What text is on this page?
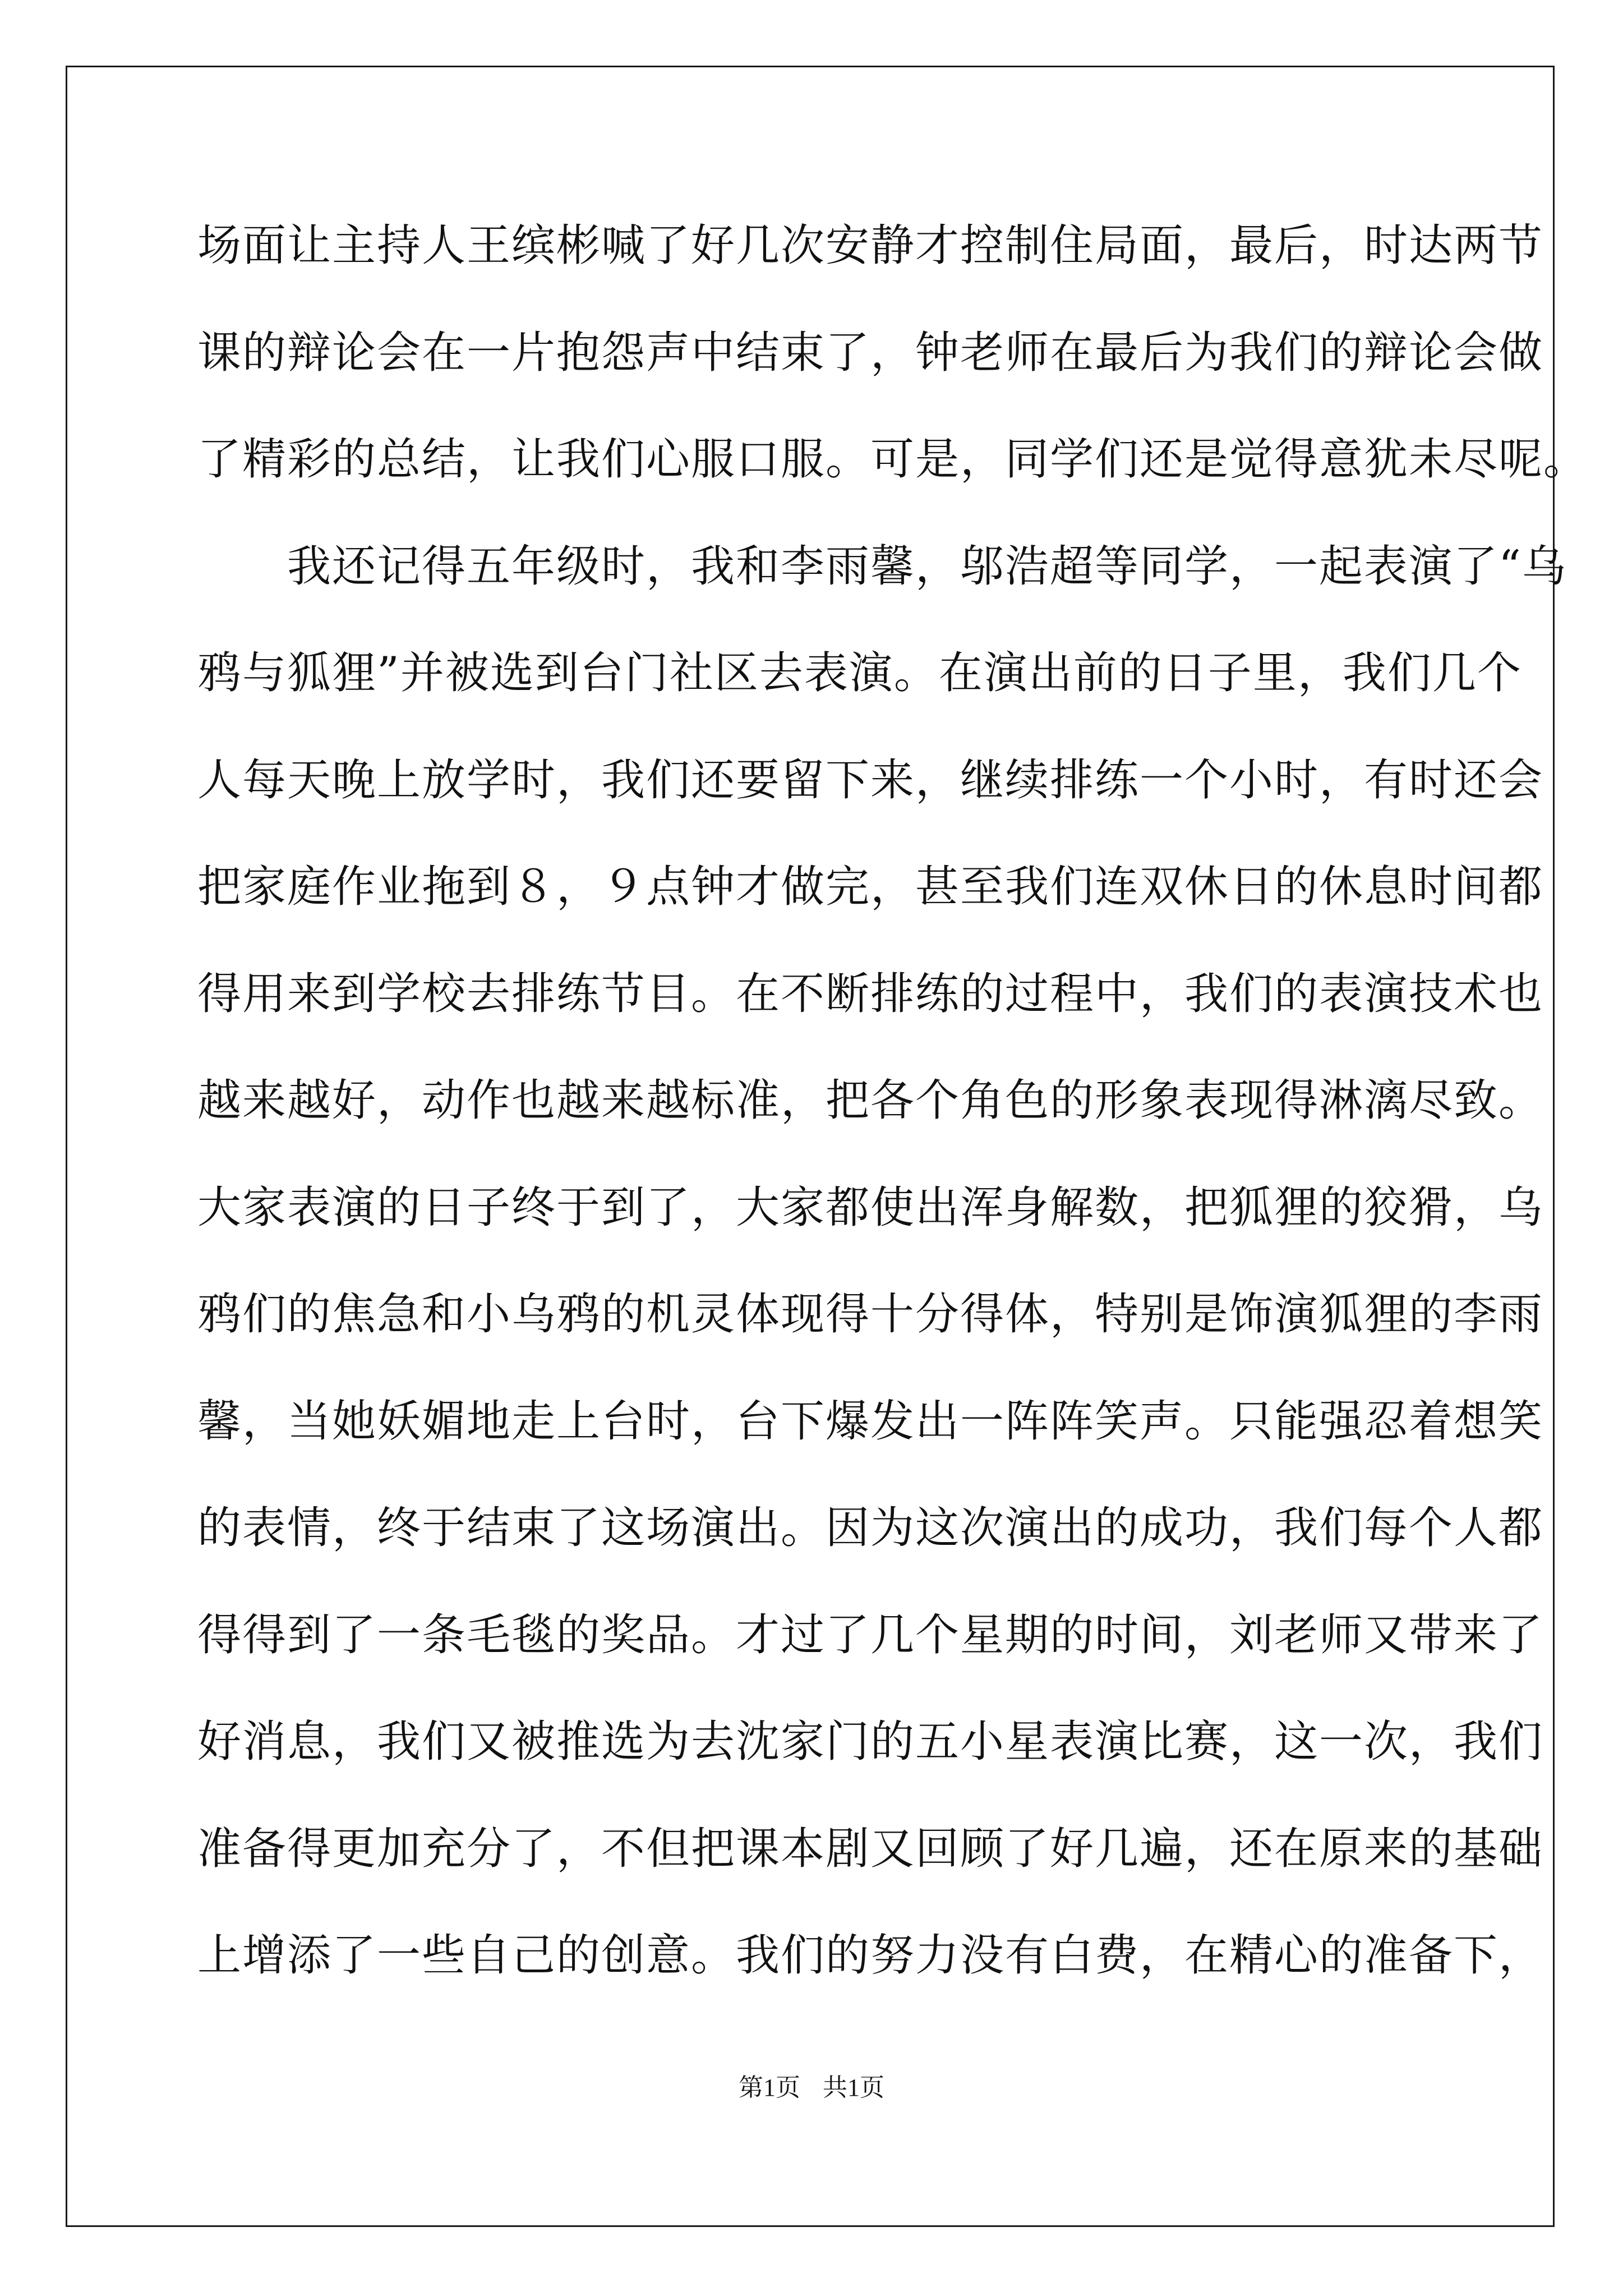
场面让主持人王缤彬喊了好几次安静才控制住局面，最后，时达两节
课的辩论会在一片抱怨声中结束了，钟老师在最后为我们的辩论会做
了精彩的总结，让我们心服口服。可是，同学们还是觉得意犹未尽呢。
　　我还记得五年级时，我和李雨馨，邬浩超等同学，一起表演了“乌
鸦与狐狸”并被选到台门社区去表演。在演出前的日子里，我们几个
人每天晚上放学时，我们还要留下来，继续排练一个小时，有时还会
把家庭作业拖到８，９点钟才做完，甚至我们连双休日的休息时间都
得用来到学校去排练节目。在不断排练的过程中，我们的表演技术也
越来越好，动作也越来越标准，把各个角色的形象表现得淋漓尽致。
大家表演的日子终于到了，大家都使出浑身解数，把狐狸的狡猾，乌
鸦们的焦急和小乌鸦的机灵体现得十分得体，特别是饰演狐狸的李雨
馨，当她妖媚地走上台时，台下爆发出一阵阵笑声。只能强忍着想笑
的表情，终于结束了这场演出。因为这次演出的成功，我们每个人都
得得到了一条毛毯的奖品。才过了几个星期的时间，刘老师又带来了
好消息，我们又被推选为去沈家门的五小星表演比赛，这一次，我们
准备得更加充分了，不但把课本剧又回顾了好几遍，还在原来的基础
上增添了一些自己的创意。我们的努力没有白费，在精心的准备下，
第1页 共1页
